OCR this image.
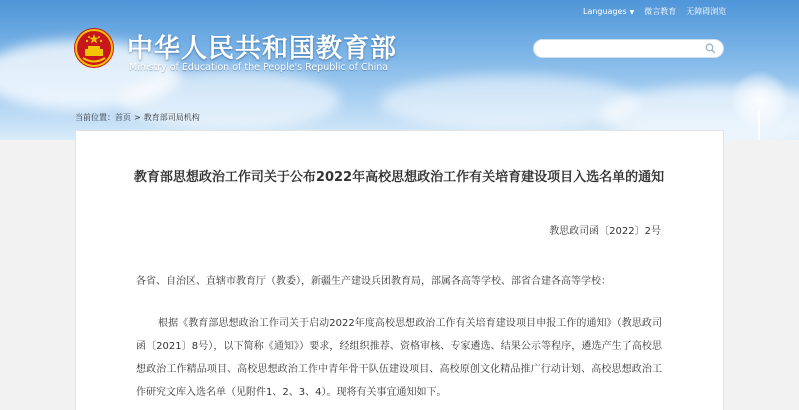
Languages ▼ 微言教育 无障碍浏览
中华人民共和国教育部
Ministry of Education of the People's Republic of China
当前位置：首页 > 教育部司局机构
教育部思想政治工作司关于公布2022年高校思想政治工作有关培育建设项目入选名单的通知
教思政司函〔2022〕2号
各省、自治区、直辖市教育厅（教委），新疆生产建设兵团教育局，部属各高等学校、部省合建各高等学校：
根据《教育部思想政治工作司关于启动2022年度高校思想政治工作有关培育建设项目申报工作的通知》（教思政司函〔2021〕8号），以下简称《通知》）要求，经组织推荐、资格审核、专家遴选、结果公示等程序，遴选产生了高校思想政治工作精品项目、高校思想政治工作中青年骨干队伍建设项目、高校原创文化精品推广行动计划、高校思想政治工作研究文库入选名单（见附件1、2、3、4）。现将有关事宜通知如下。
